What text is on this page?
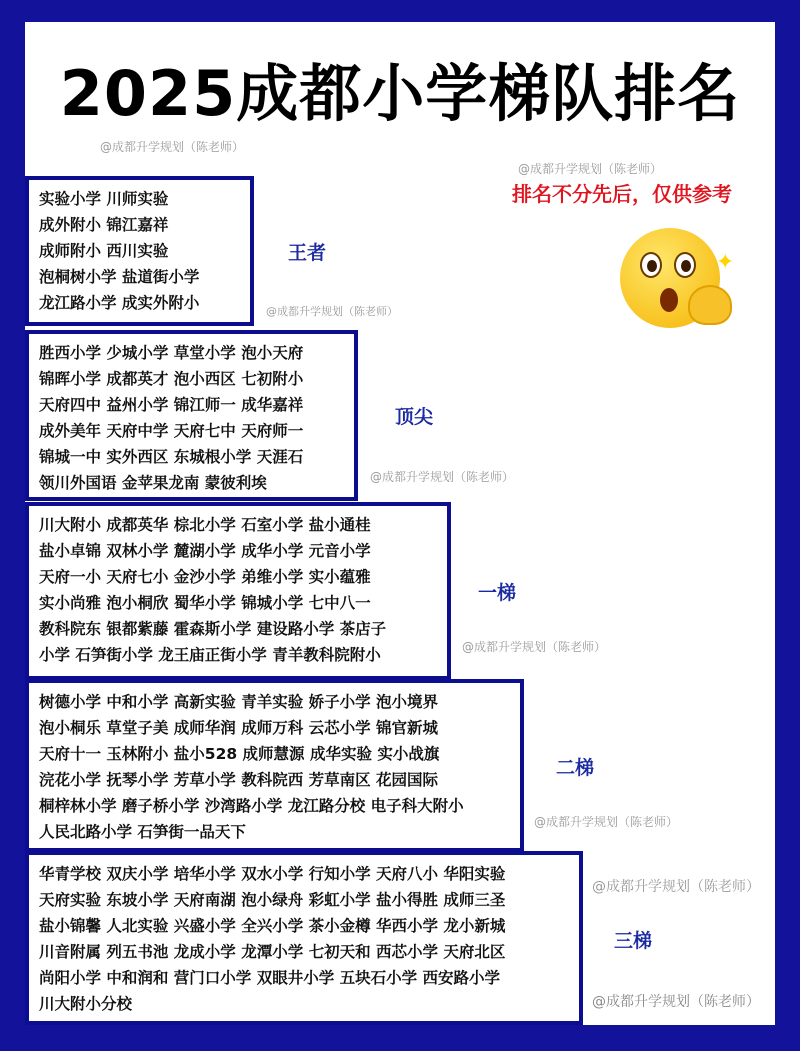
2025成都小学梯队排名
@成都升学规划（陈老师）
@成都升学规划（陈老师）
排名不分先后，仅供参考
✦
实验小学 川师实验
成外附小 锦江嘉祥
成师附小 西川实验
泡桐树小学 盐道街小学
龙江路小学 成实外附小	@成都升学规划（陈老师）
王者
胜西小学 少城小学 草堂小学 泡小天府
锦晖小学 成都英才 泡小西区 七初附小
天府四中 益州小学 锦江师一 成华嘉祥
成外美年 天府中学 天府七中 天府师一
锦城一中 实外西区 东城根小学 天涯石
领川外国语 金苹果龙南 蒙彼利埃	@成都升学规划（陈老师）
顶尖
川大附小 成都英华 棕北小学 石室小学 盐小通桂
盐小卓锦 双林小学 麓湖小学 成华小学 元音小学
天府一小 天府七小 金沙小学 弟维小学 实小蕴雅
实小尚雅 泡小桐欣 蜀华小学 锦城小学 七中八一
教科院东 银都紫藤 霍森斯小学 建设路小学 茶店子
小学 石笋街小学 龙王庙正街小学 青羊教科院附小	@成都升学规划（陈老师）
一梯
树德小学 中和小学 高新实验 青羊实验 娇子小学 泡小境界
泡小桐乐 草堂子美 成师华润 成师万科 云芯小学 锦官新城
天府十一 玉林附小 盐小528 成师慧源 成华实验 实小战旗
浣花小学 抚琴小学 芳草小学 教科院西 芳草南区 花园国际
桐梓林小学 磨子桥小学 沙湾路小学 龙江路分校 电子科大附小
人民北路小学 石笋街一品天下
@成都升学规划（陈老师）
二梯
华青学校 双庆小学 培华小学 双水小学 行知小学 天府八小 华阳实验
天府实验 东坡小学 天府南湖 泡小绿舟 彩虹小学 盐小得胜 成师三圣
盐小锦馨 人北实验 兴盛小学 全兴小学 茶小金樽 华西小学 龙小新城
川音附属 列五书池 龙成小学 龙潭小学 七初天和 西芯小学 天府北区
尚阳小学 中和润和 营门口小学 双眼井小学 五块石小学 西安路小学
川大附小分校
@成都升学规划（陈老师）
@成都升学规划（陈老师）
三梯
